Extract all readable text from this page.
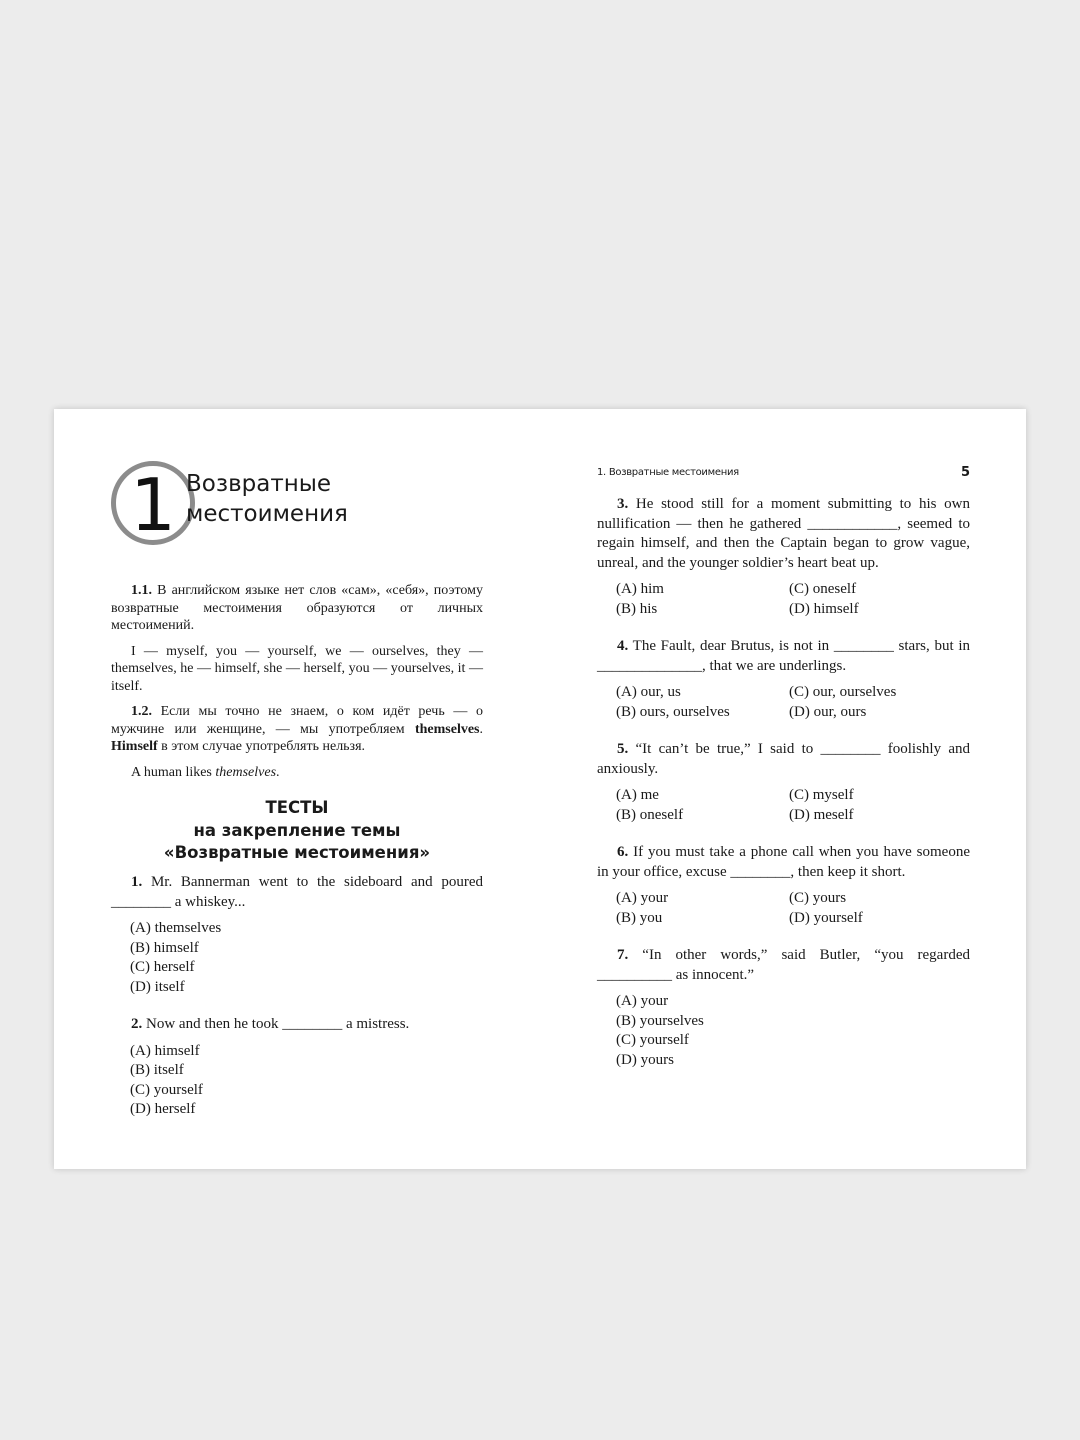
1 Возвратные
местоимения

1.1. В английском языке нет слов «сам», «себя», поэтому возвратные местоимения образуются от личных местоимений.

I — myself, you — yourself, we — ourselves, they — themselves, he — himself, she — herself, you — yourselves, it — itself.

1.2. Если мы точно не знаем, о ком идёт речь — о мужчине или женщине, — мы употребляем themselves. Himself в этом случае употреблять нельзя.

A human likes themselves.

ТЕСТЫ
на закрепление темы
«Возвратные местоимения»

1. Mr. Bannerman went to the sideboard and poured ________ a whiskey...

(A) themselves
(B) himself
(C) herself
(D) itself

2. Now and then he took ________ a mistress.

(A) himself
(B) itself
(C) yourself
(D) herself
1. Возвратные местоимения	5

3. He stood still for a moment submitting to his own nullification — then he gathered ____________, seemed to regain himself, and then the Captain began to grow vague, unreal, and the younger soldier’s heart beat up.

(A) him	(C) oneself
(B) his	(D) himself

4. The Fault, dear Brutus, is not in ________ stars, but in ______________, that we are underlings.

(A) our, us	(C) our, ourselves
(B) ours, ourselves	(D) our, ours

5. “It can’t be true,” I said to ________ foolishly and anxiously.

(A) me	(C) myself
(B) oneself	(D) meself

6. If you must take a phone call when you have someone in your office, excuse ________, then keep it short.

(A) your	(C) yours
(B) you	(D) yourself

7. “In other words,” said Butler, “you regarded __________ as innocent.”

(A) your
(B) yourselves
(C) yourself
(D) yours
